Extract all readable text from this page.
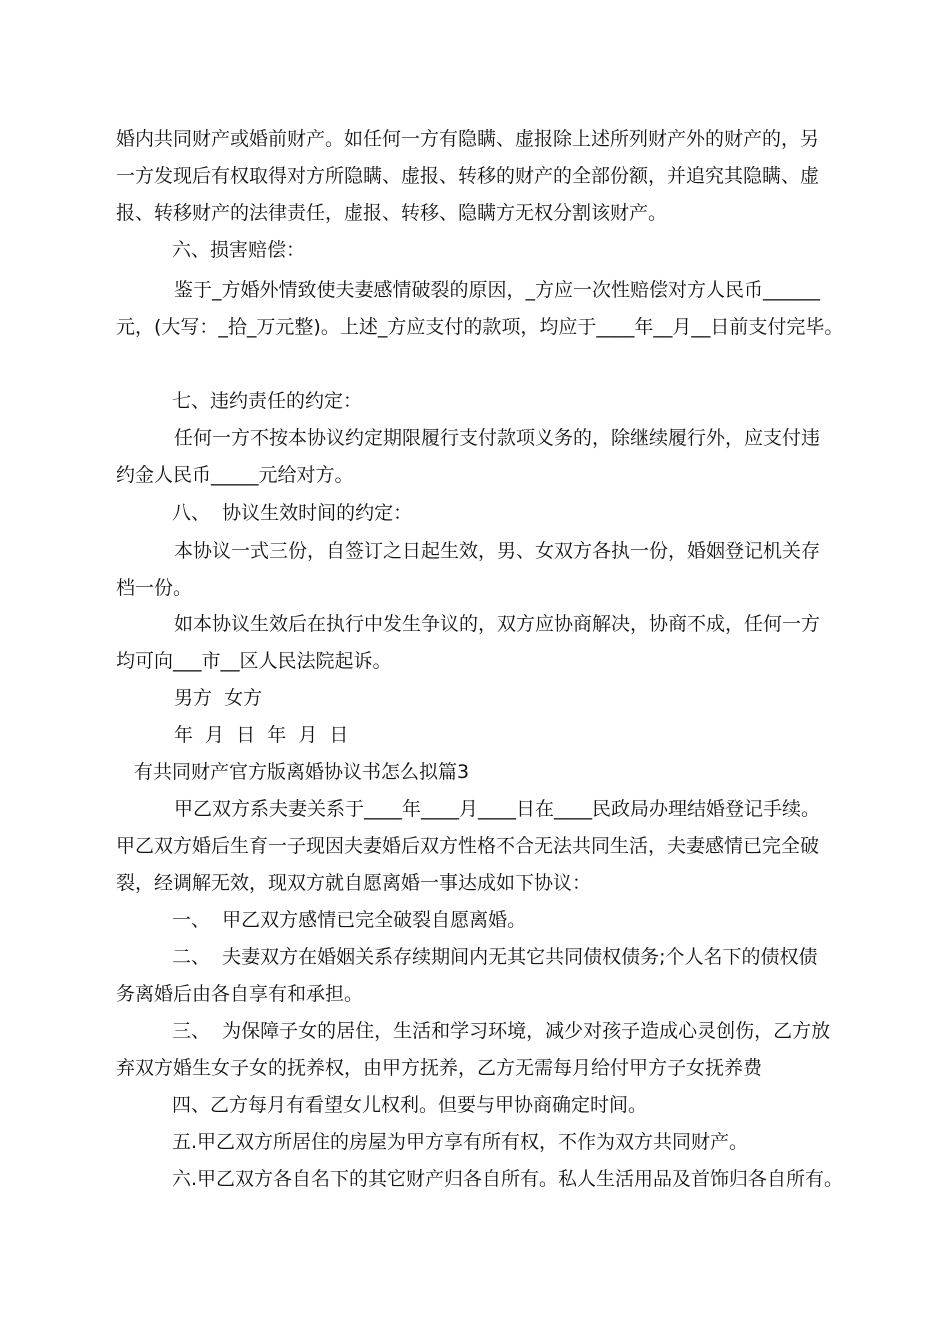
婚内共同财产或婚前财产。如任何一方有隐瞒、虚报除上述所列财产外的财产的，另
一方发现后有权取得对方所隐瞒、虚报、转移的财产的全部份额，并追究其隐瞒、虚
报、转移财产的法律责任，虚报、转移、隐瞒方无权分割该财产。
六、损害赔偿：
鉴于_方婚外情致使夫妻感情破裂的原因，_方应一次性赔偿对方人民币______
元，(大写：_拾_万元整)。上述_方应支付的款项，均应于____年__月__日前支付完毕。
七、违约责任的约定：
任何一方不按本协议约定期限履行支付款项义务的，除继续履行外，应支付违
约金人民币_____元给对方。
八、  协议生效时间的约定：
本协议一式三份，自签订之日起生效，男、女双方各执一份，婚姻登记机关存
档一份。
如本协议生效后在执行中发生争议的，双方应协商解决，协商不成，任何一方
均可向___市__区人民法院起诉。
男方  女方
年  月  日  年  月  日
有共同财产官方版离婚协议书怎么拟篇3
甲乙双方系夫妻关系于____年____月____日在____民政局办理结婚登记手续。
甲乙双方婚后生育一子现因夫妻婚后双方性格不合无法共同生活，夫妻感情已完全破
裂，经调解无效，现双方就自愿离婚一事达成如下协议：
一、  甲乙双方感情已完全破裂自愿离婚。
二、  夫妻双方在婚姻关系存续期间内无其它共同债权债务;个人名下的债权债
务离婚后由各自享有和承担。
三、  为保障子女的居住，生活和学习环境，减少对孩子造成心灵创伤，乙方放
弃双方婚生女子女的抚养权，由甲方抚养，乙方无需每月给付甲方子女抚养费
四、乙方每月有看望女儿权利。但要与甲协商确定时间。
五.甲乙双方所居住的房屋为甲方享有所有权，不作为双方共同财产。
六.甲乙双方各自名下的其它财产归各自所有。私人生活用品及首饰归各自所有。
